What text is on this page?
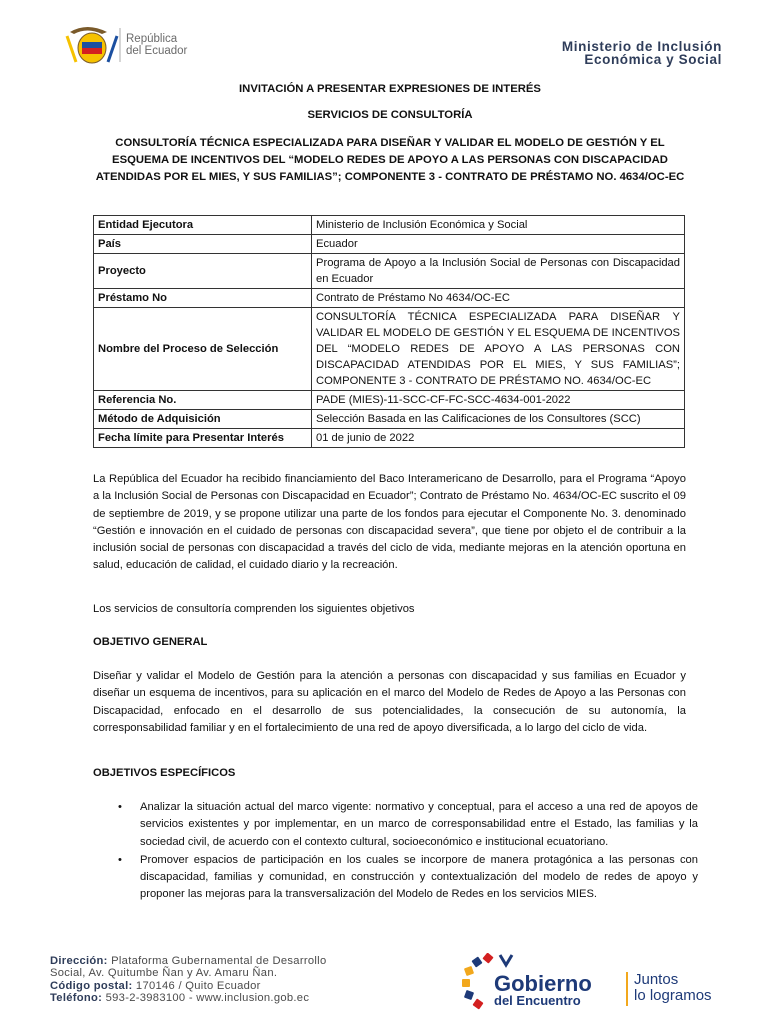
República
del Ecuador	Ministerio de Inclusión
Económica y Social
INVITACIÓN A PRESENTAR EXPRESIONES DE INTERÉS
SERVICIOS DE CONSULTORÍA
CONSULTORÍA TÉCNICA ESPECIALIZADA PARA DISEÑAR Y VALIDAR EL MODELO DE GESTIÓN Y EL ESQUEMA DE INCENTIVOS DEL “MODELO REDES DE APOYO A LAS PERSONAS CON DISCAPACIDAD ATENDIDAS POR EL MIES, Y SUS FAMILIAS”; COMPONENTE 3 - CONTRATO DE PRÉSTAMO NO. 4634/OC-EC
Entidad Ejecutora	Ministerio de Inclusión Económica y Social
País	Ecuador
Proyecto	Programa de Apoyo a la Inclusión Social de Personas con Discapacidad en Ecuador
Préstamo No	Contrato de Préstamo No 4634/OC-EC
Nombre del Proceso de Selección	CONSULTORÍA TÉCNICA ESPECIALIZADA PARA DISEÑAR Y VALIDAR EL MODELO DE GESTIÓN Y EL ESQUEMA DE INCENTIVOS DEL “MODELO REDES DE APOYO A LAS PERSONAS CON DISCAPACIDAD ATENDIDAS POR EL MIES, Y SUS FAMILIAS”; COMPONENTE 3 - CONTRATO DE PRÉSTAMO NO. 4634/OC-EC
Referencia No.	PADE (MIES)-11-SCC-CF-FC-SCC-4634-001-2022
Método de Adquisición	Selección Basada en las Calificaciones de los Consultores (SCC)
Fecha límite para Presentar Interés	01 de junio de 2022
La República del Ecuador ha recibido financiamiento del Baco Interamericano de Desarrollo, para el Programa “Apoyo a la Inclusión Social de Personas con Discapacidad en Ecuador”; Contrato de Préstamo No. 4634/OC-EC suscrito el 09 de septiembre de 2019, y se propone utilizar una parte de los fondos para ejecutar el Componente No. 3. denominado “Gestión e innovación en el cuidado de personas con discapacidad severa”, que tiene por objeto el de contribuir a la inclusión social de personas con discapacidad a través del ciclo de vida, mediante mejoras en la atención oportuna en salud, educación de calidad, el cuidado diario y la recreación.
Los servicios de consultoría comprenden los siguientes objetivos
OBJETIVO GENERAL
Diseñar y validar el Modelo de Gestión para la atención a personas con discapacidad y sus familias en Ecuador y diseñar un esquema de incentivos, para su aplicación en el marco del Modelo de Redes de Apoyo a las Personas con Discapacidad, enfocado en el desarrollo de sus potencialidades, la consecución de su autonomía, la corresponsabilidad familiar y en el fortalecimiento de una red de apoyo diversificada, a lo largo del ciclo de vida.
OBJETIVOS ESPECÍFICOS
• Analizar la situación actual del marco vigente: normativo y conceptual, para el acceso a una red de apoyos de servicios existentes y por implementar, en un marco de corresponsabilidad entre el Estado, las familias y la sociedad civil, de acuerdo con el contexto cultural, socioeconómico e institucional ecuatoriano.
• Promover espacios de participación en los cuales se incorpore de manera protagónica a las personas con discapacidad, familias y comunidad, en construcción y contextualización del modelo de redes de apoyo y proponer las mejoras para la transversalización del Modelo de Redes en los servicios MIES.
Dirección: Plataforma Gubernamental de Desarrollo
Social, Av. Quitumbe Ñan y Av. Amaru Ñan.
Código postal: 170146 / Quito Ecuador
Teléfono: 593-2-3983100 - www.inclusion.gob.ec
Gobierno
del Encuentro
Juntos
lo logramos
